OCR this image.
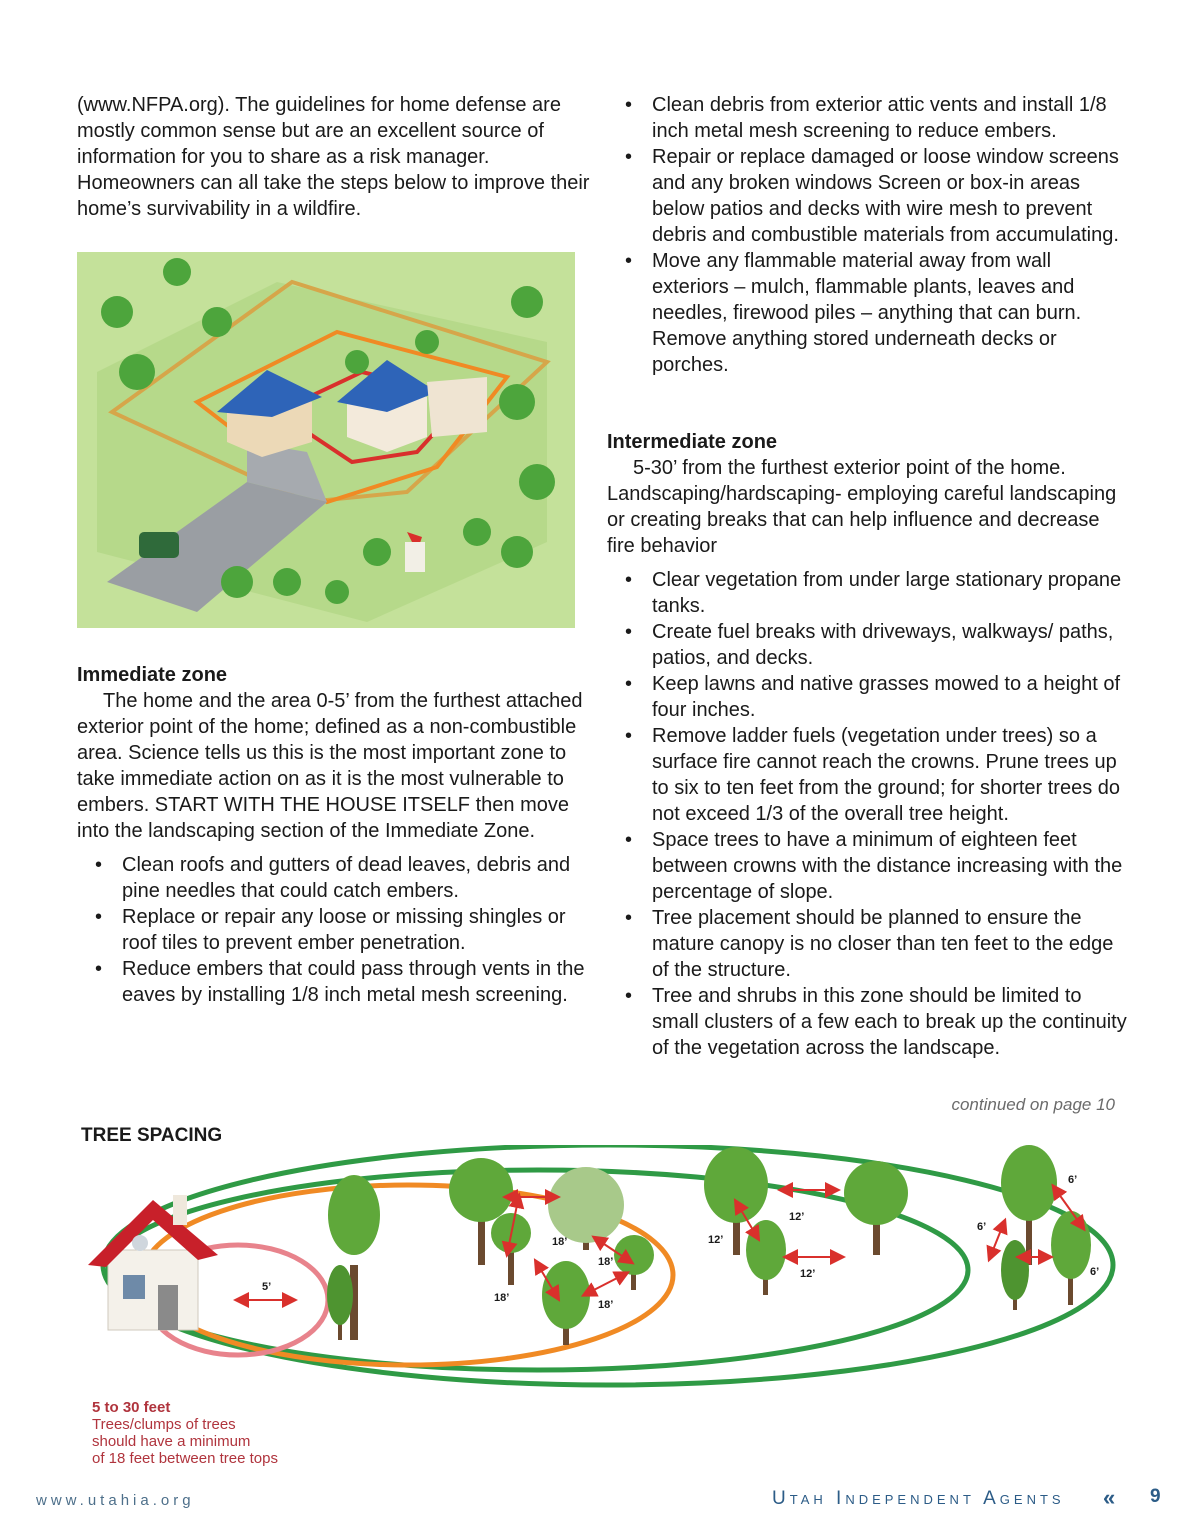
(www.NFPA.org). The guidelines for home defense are mostly common sense but are an excellent source of information for you to share as a risk manager. Homeowners can all take the steps below to improve their home’s survivability in a wildfire.

Immediate zone

The home and the area 0-5’ from the furthest attached exterior point of the home; defined as a non-combustible area. Science tells us this is the most important zone to take immediate action on as it is the most vulnerable to embers. START WITH THE HOUSE ITSELF then move into the landscaping section of the Immediate Zone.

• Clean roofs and gutters of dead leaves, debris and pine needles that could catch embers.
• Replace or repair any loose or missing shingles or roof tiles to prevent ember penetration.
• Reduce embers that could pass through vents in the eaves by installing 1/8 inch metal mesh screening.
• Clean debris from exterior attic vents and install 1/8 inch metal mesh screening to reduce embers.
• Repair or replace damaged or loose window screens and any broken windows Screen or box-in areas below patios and decks with wire mesh to prevent debris and combustible materials from accumulating.
• Move any flammable material away from wall exteriors – mulch, flammable plants, leaves and needles, firewood piles – anything that can burn. Remove anything stored underneath decks or porches.

Intermediate zone

5-30’ from the furthest exterior point of the home. Landscaping/hardscaping- employing careful landscaping or creating breaks that can help influence and decrease fire behavior

• Clear vegetation from under large stationary propane tanks.
• Create fuel breaks with driveways, walkways/ paths, patios, and decks.
• Keep lawns and native grasses mowed to a height of four inches.
• Remove ladder fuels (vegetation under trees) so a surface fire cannot reach the crowns. Prune trees up to six to ten feet from the ground; for shorter trees do not exceed 1/3 of the overall tree height.
• Space trees to have a minimum of eighteen feet between crowns with the distance increasing with the percentage of slope.
• Tree placement should be planned to ensure the mature canopy is no closer than ten feet to the edge of the structure.
• Tree and shrubs in this zone should be limited to small clusters of a few each to break up the continuity of the vegetation across the landscape.
continued on page 10
TREE SPACING
5’
18’
18’
18’
18’
12’
12’
12’
6’
6’
6’
5 to 30 feet
Trees/clumps of trees
should have a minimum
of 18 feet between tree tops
www.utahia.org	Utah Independent Agents « 9
